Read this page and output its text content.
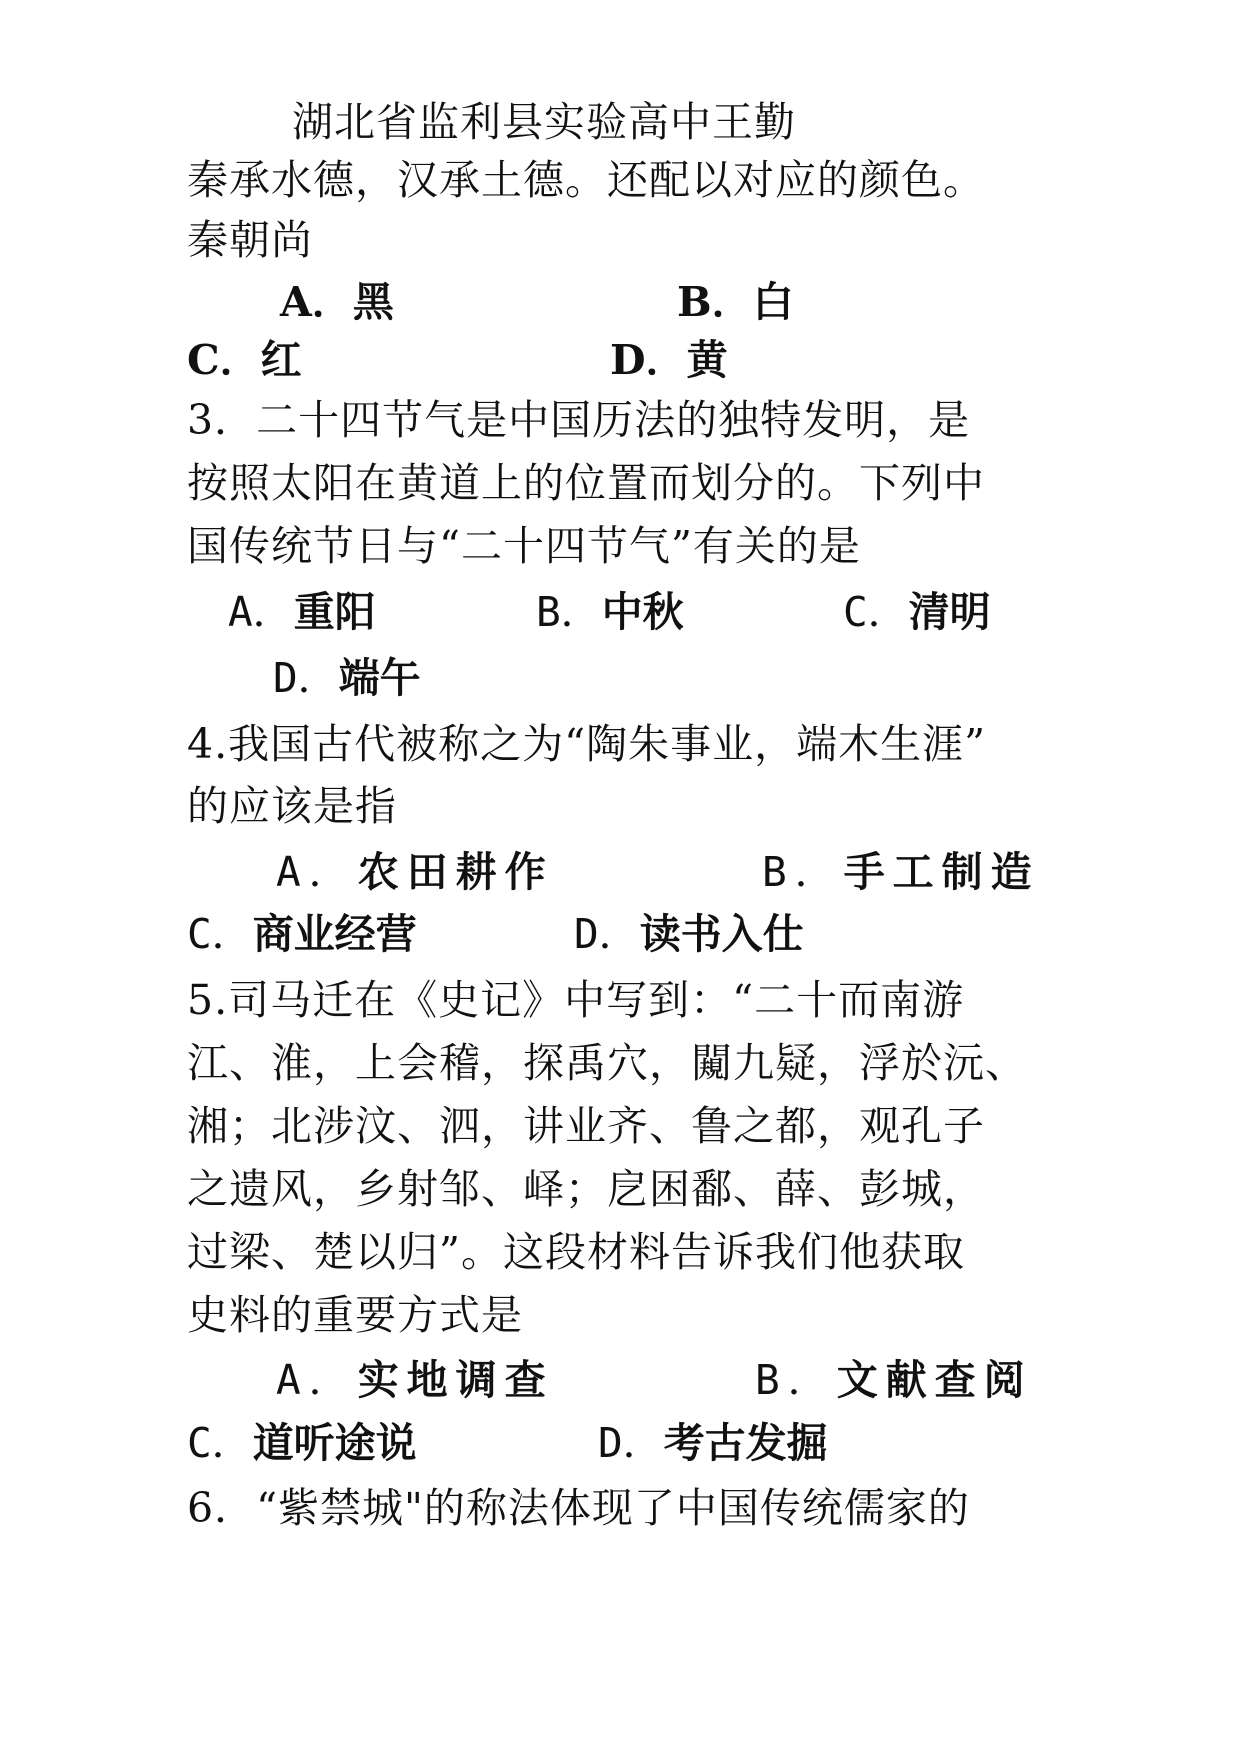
湖北省监利县实验高中王勤
秦承水德，汉承土德。还配以对应的颜色。
秦朝尚
A．黑	B．白
C．红	D．黄
3．二十四节气是中国历法的独特发明，是
按照太阳在黄道上的位置而划分的。下列中
国传统节日与“二十四节气”有关的是
A．重阳	B．中秋	C．清明
D．端午
4.我国古代被称之为“陶朱事业，端木生涯”
的应该是指
A．农田耕作	B．手工制造
C．商业经营	D．读书入仕
5.司马迁在《史记》中写到：“二十而南游
江、淮，上会稽，探禹穴，闚九疑，浮於沅、
湘；北涉汶、泗，讲业齐、鲁之都，观孔子
之遗风，乡射邹、峄；戹困鄱、薛、彭城，
过梁、楚以归”。这段材料告诉我们他获取
史料的重要方式是
A．实地调查	B．文献查阅
C．道听途说	D．考古发掘
6．“紫禁城"的称法体现了中国传统儒家的
